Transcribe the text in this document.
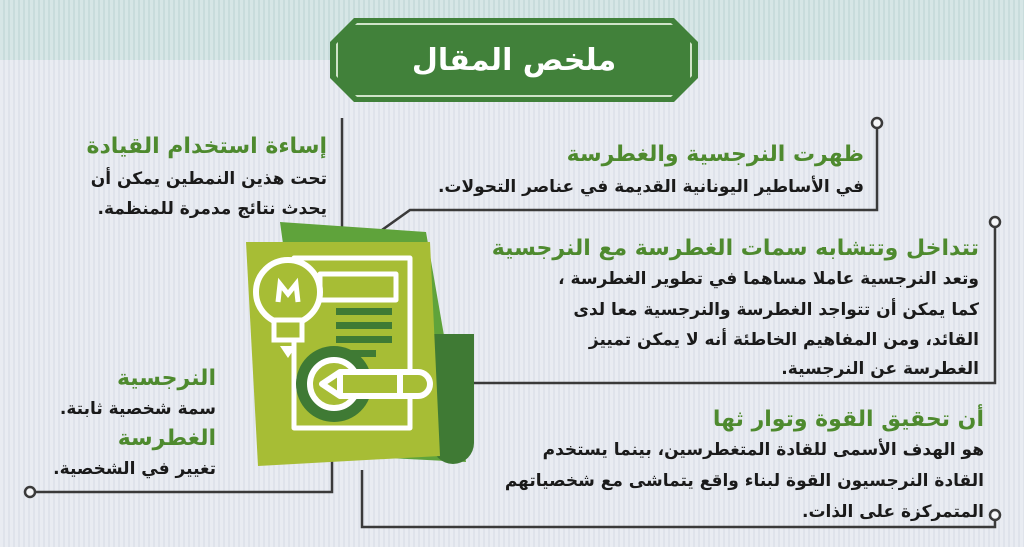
ملخص المقال
ظهرت النرجسية والغطرسة
في الأساطير اليونانية القديمة في عناصر التحولات.
تتداخل وتتشابه سمات الغطرسة مع النرجسية
وتعد النرجسية عاملا مساهما في تطوير الغطرسة ،
كما يمكن أن تتواجد الغطرسة والنرجسية معا لدى
القائد، ومن المفاهيم الخاطئة أنه لا يمكن تمييز
الغطرسة عن النرجسية.
أن تحقيق القوة وتوار ثها
هو الهدف الأسمى للقادة المتغطرسين، بينما يستخدم
القادة النرجسيون القوة لبناء واقع يتماشى مع شخصياتهم
المتمركزة على الذات.
إساءة استخدام القيادة
تحت هذين النمطين يمكن أن
يحدث نتائج مدمرة للمنظمة.
النرجسية
سمة شخصية ثابتة.
الغطرسة
تغيير في الشخصية.
